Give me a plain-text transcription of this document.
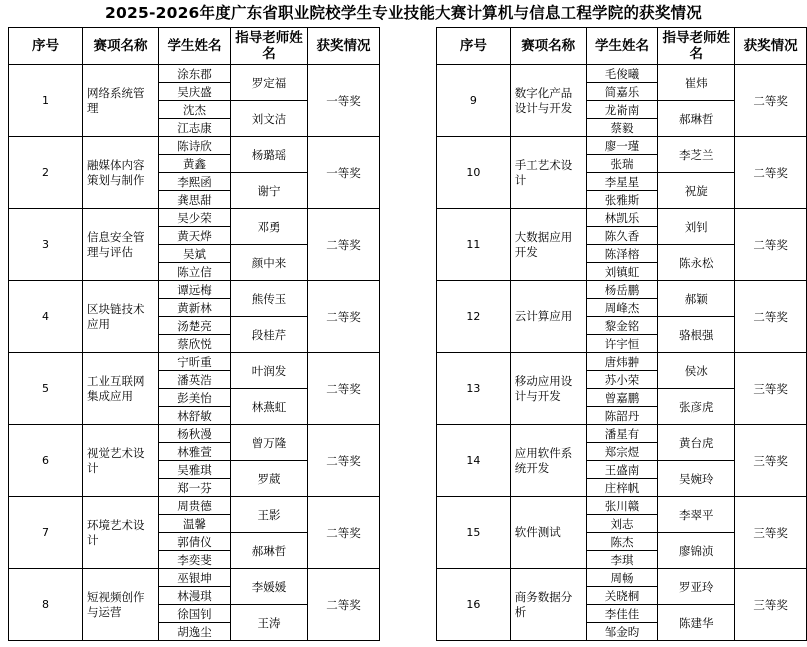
2025-2026年度广东省职业院校学生专业技能大赛计算机与信息工程学院的获奖情况
序号	赛项名称	学生姓名	指导老师姓名	获奖情况
1	网络系统管理	涂东郡	罗定福	一等奖
		吴庆盛		
		沈杰	刘文洁	
		江志康		
2	融媒体内容策划与制作	陈诗欣	杨璐瑶	一等奖
		黄鑫		
		李熙函	谢宁	
		龚思甜		
3	信息安全管理与评估	吴少荣	邓勇	二等奖
		黄天烨		
		吴斌	颜中来	
		陈立信		
4	区块链技术应用	谭远梅	熊传玉	二等奖
		黄新林		
		汤楚亮	段桂芹	
		蔡欣悦		
5	工业互联网集成应用	宁昕重	叶润发	二等奖
		潘英浩		
		彭美怡	林燕虹	
		林舒敏		
6	视觉艺术设计	杨秋漫	曾万隆	二等奖
		林雅萱		
		吴雅琪	罗葳	
		郑一芬		
7	环境艺术设计	周贵德	王影	二等奖
		温馨		
		郭倩仪	郝琳哲	
		李奕斐		
8	短视频创作与运营	巫银坤	李媛媛	二等奖
		林漫琪		
		徐国钊	王涛	
		胡逸尘		
序号	赛项名称	学生姓名	指导老师姓名	获奖情况
9	数字化产品设计与开发	毛俊曦	崔炜	二等奖
		简嘉乐		
		龙嵛南	郝琳哲	
		蔡毅		
10	手工艺术设计	廖一瑾	李芝兰	二等奖
		张瑞		
		李星星	祝旋	
		张雅斯		
11	大数据应用开发	林凯乐	刘钊	二等奖
		陈久香		
		陈泽榕	陈永松	
		刘镇虹		
12	云计算应用	杨岳鹏	郝颖	二等奖
		周峰杰		
		黎金铭	骆根强	
		许宇恒		
13	移动应用设计与开发	唐炜翀	侯冰	三等奖
		苏小荣		
		曾嘉鹏	张彦虎	
		陈韶丹		
14	应用软件系统开发	潘星有	黄台虎	三等奖
		郑宗煜		
		王盛南	吴婉玲	
		庄梓帆		
15	软件测试	张川赣	李翠平	三等奖
		刘志		
		陈杰	廖锦浈	
		李琪		
16	商务数据分析	周畅	罗亚玲	三等奖
		关晓桐		
		李佳佳	陈建华	
		邹金昀		
